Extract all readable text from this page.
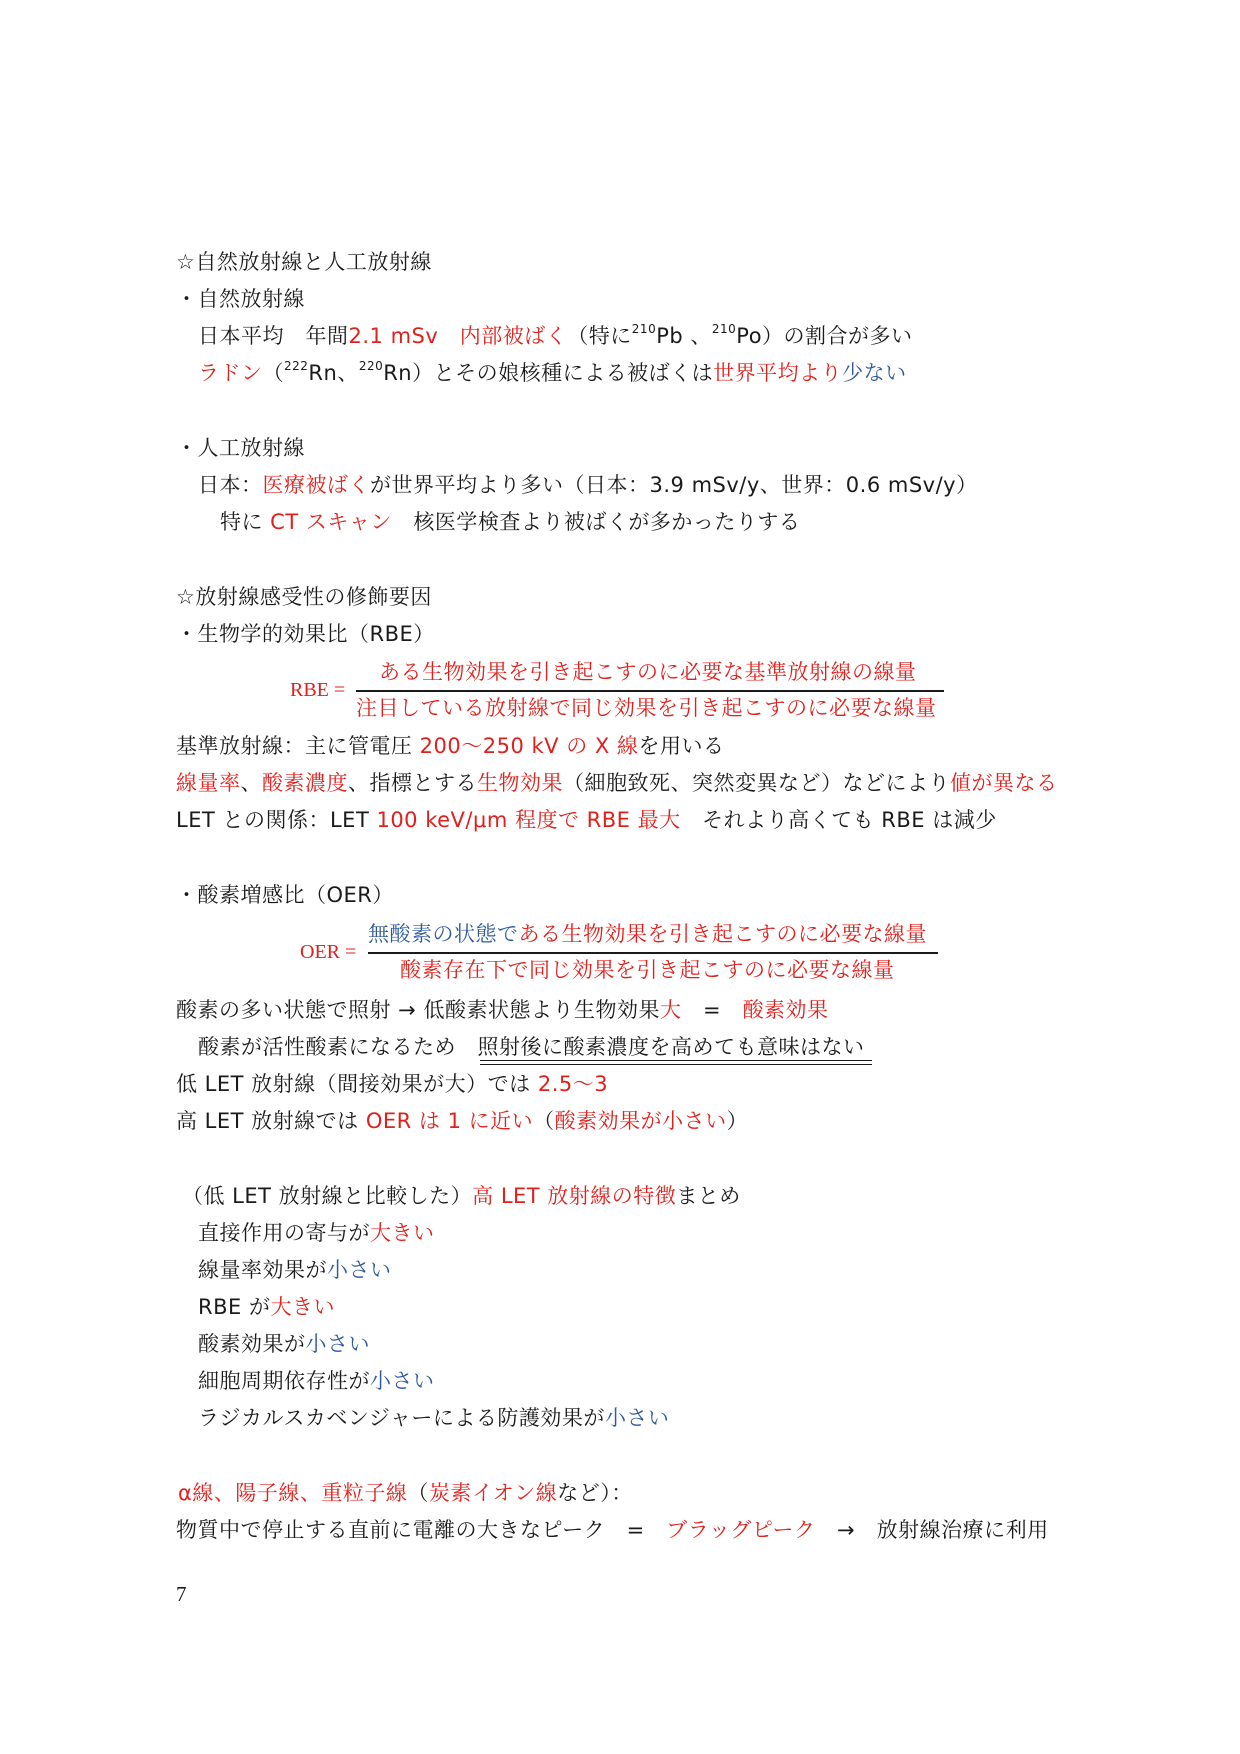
☆自然放射線と人工放射線
・自然放射線
日本平均　年間2.1 mSv　 内部被ばく（特に$^{210}$Pb 、$^{210}$Po）の割合が多い
ラドン（$^{222}$Rn、$^{220}$Rn）とその娘核種による被ばくは世界平均より少ない
・人工放射線
日本：医療被ばくが世界平均より多い（日本：3.9 mSv/y、世界：0.6 mSv/y）
特に CT スキャン　核医学検査より被ばくが多かったりする
☆放射線感受性の修飾要因
・生物学的効果比（RBE）
RBE =
ある生物効果を引き起こすのに必要な基準放射線の線量
注目している放射線で同じ効果を引き起こすのに必要な線量
基準放射線：主に管電圧 200〜250 kV の X 線を用いる
線量率、酸素濃度、指標とする生物効果（細胞致死、突然変異など）などにより値が異なる
LET との関係：LET 100 keV/μm 程度で RBE 最大　それより高くても RBE は減少
・酸素増感比（OER）
OER =
無酸素の状態である生物効果を引き起こすのに必要な線量
酸素存在下で同じ効果を引き起こすのに必要な線量
酸素の多い状態で照射 → 低酸素状態より生物効果大　=　酸素効果
酸素が活性酸素になるため　照射後に酸素濃度を高めても意味はない
低 LET 放射線（間接効果が大）では 2.5〜3
高 LET 放射線では OER は 1 に近い（酸素効果が小さい）
（低 LET 放射線と比較した）高 LET 放射線の特徴まとめ
直接作用の寄与が大きい
線量率効果が小さい
RBE が大きい
酸素効果が小さい
細胞周期依存性が小さい
ラジカルスカベンジャーによる防護効果が小さい
α線、陽子線、重粒子線（炭素イオン線など）：
物質中で停止する直前に電離の大きなピーク　=　ブラッグピーク　→　放射線治療に利用
7
